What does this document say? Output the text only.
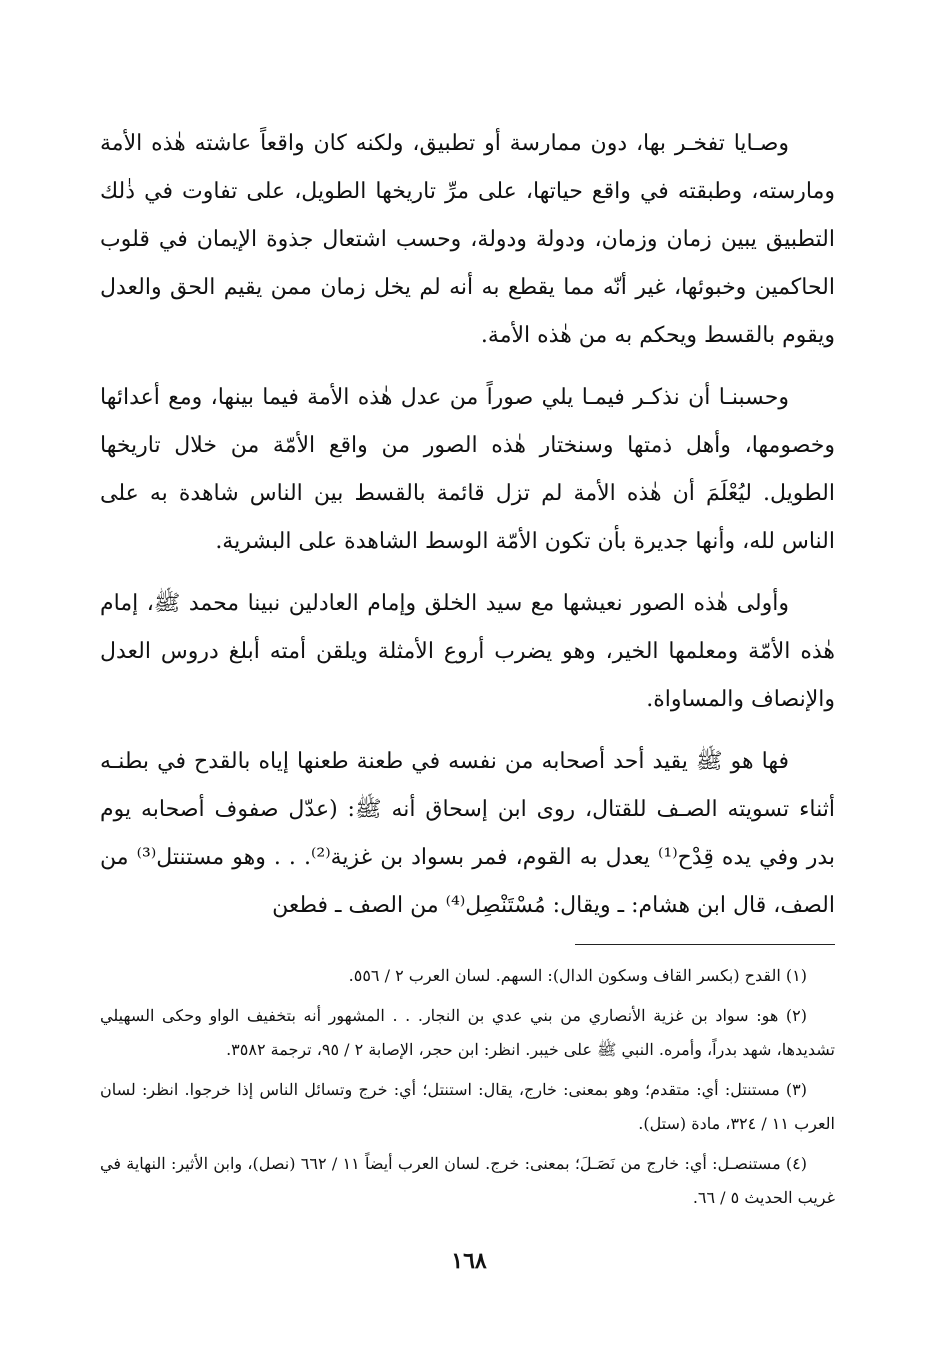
وصـايا تفخـر بها، دون ممارسة أو تطبيق، ولكنه كان واقعاً عاشته هٰذه الأمة ومارسته، وطبقته في واقع حياتها، على مرِّ تاريخها الطويل، على تفاوت في ذٰلك التطبيق يبين زمان وزمان، ودولة ودولة، وحسب اشتعال جذوة الإيمان في قلوب الحاكمين وخبوئها، غير أنّه مما يقطع به أنه لم يخل زمان ممن يقيم الحق والعدل ويقوم بالقسط ويحكم به من هٰذه الأمة.

وحسبنـا أن نذكـر فيمـا يلي صوراً من عدل هٰذه الأمة فيما بينها، ومع أعدائها وخصومها، وأهل ذمتها وسنختار هٰذه الصور من واقع الأمّة من خلال تاريخها الطويل. ليُعْلَمَ أن هٰذه الأمة لم تزل قائمة بالقسط بين الناس شاهدة به على الناس لله، وأنها جديرة بأن تكون الأمّة الوسط الشاهدة على البشرية.

وأولى هٰذه الصور نعيشها مع سيد الخلق وإمام العادلين نبينا محمد ﷺ، إمام هٰذه الأمّة ومعلمها الخير، وهو يضرب أروع الأمثلة ويلقن أمته أبلغ دروس العدل والإنصاف والمساواة.

فها هو ﷺ يقيد أحد أصحابه من نفسه في طعنة طعنها إياه بالقدح في بطنـه أثناء تسويته الصـف للقتال، روى ابن إسحاق أنه ﷺ: (عدّل صفوف أصحابه يوم بدر وفي يده قِدْح⁽¹⁾ يعدل به القوم، فمر بسواد بن غزية⁽²⁾. . . وهو مستنتل⁽³⁾ من الصف، قال ابن هشام: ـ ويقال: مُسْتَنْصِل⁽⁴⁾ من الصف ـ فطعن

(١) القدح (بكسر القاف وسكون الدال): السهم. لسان العرب ٢ / ٥٥٦.

(٢) هو: سواد بن غزية الأنصاري من بني عدي بن النجار. . . المشهور أنه بتخفيف الواو وحكى السهيلي تشديدها، شهد بدراً، وأمره. النبي ﷺ على خيبر. انظر: ابن حجر، الإصابة ٢ / ٩٥، ترجمة ٣٥٨٢.

(٣) مستنتل: أي: متقدم؛ وهو بمعنى: خارج، يقال: استنتل؛ أي: خرج وتسائل الناس إذا خرجوا. انظر: لسان العرب ١١ / ٣٢٤، مادة (ستل).

(٤) مستنصـل: أي: خارج من نَصَـلَ؛ بمعنى: خرج. لسان العرب أيضاً ١١ / ٦٦٢ (نصل)، وابن الأثير: النهاية في غريب الحديث ٥ / ٦٦.

١٦٨
